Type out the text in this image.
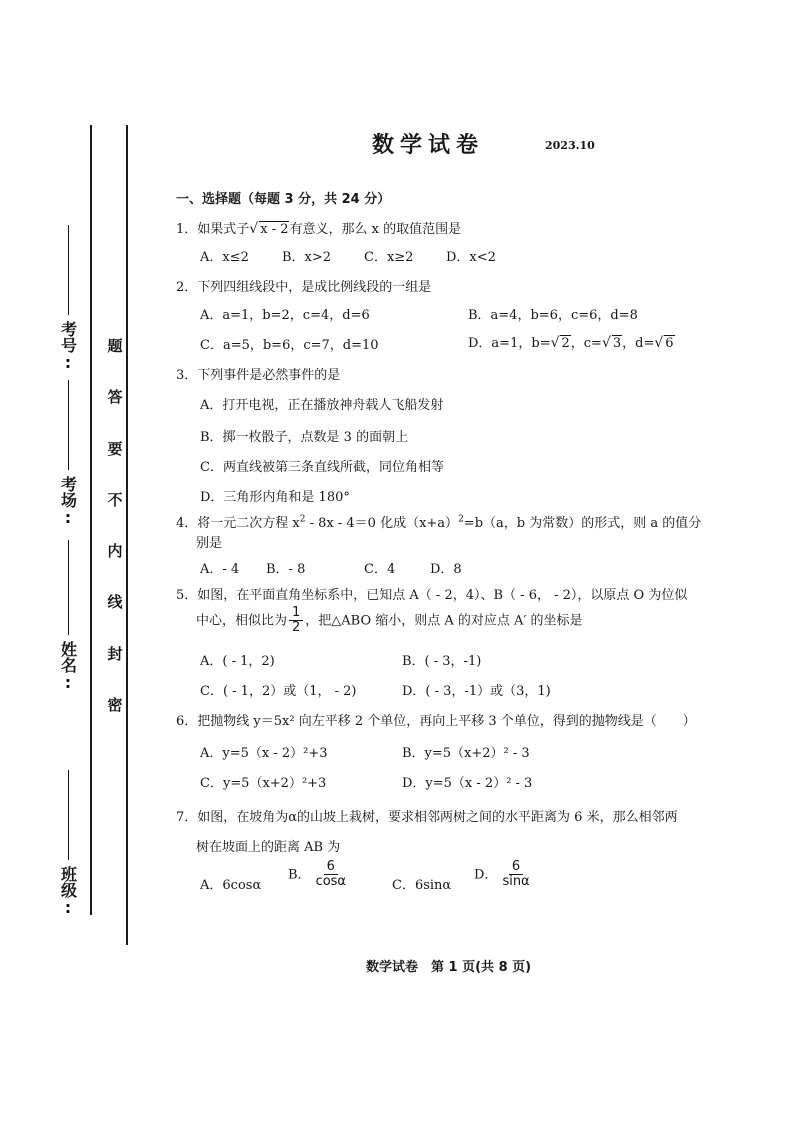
考号:
考场:
姓名:
班级:
题
答
要
不
内
线
封
密
数学试卷	2023.10
一、选择题（每题 3 分，共 24 分）
1．如果式子√ x - 2有意义，那么 x 的取值范围是
A．x≤2	B．x>2	C．x≥2	D．x<2
2．下列四组线段中，是成比例线段的一组是
A．a=1，b=2，c=4，d=6	B．a=4，b=6，c=6，d=8
C．a=5，b=6，c=7，d=10	D．a=1，b=√ 2，c=√ 3，d=√ 6
3．下列事件是必然事件的是
A．打开电视，正在播放神舟载人飞船发射
B．掷一枚骰子，点数是 3 的面朝上
C．两直线被第三条直线所截，同位角相等
D．三角形内角和是 180°
4．将一元二次方程 $x^2 - 8x - 4=0$ 化成$(x+a)^2=b(a$，b 为常数）的形式，则 a 的值分
别是
A．- 4 B．- 8	C．4	D．8
5．如图，在平面直角坐标系中，已知点 A（ - 2，4）、B（ - 6， - 2），以原点 O 为位似
中心，相似比为 $\frac{1}{2}$ ，把△ABO 缩小，则点 A 的对应点 A′ 的坐标是
A．( - 1，2)	B．( - 3，-1)
C．( - 1，2）或（1， - 2)	D．( - 3，-1）或（3，1)
6．把抛物线 y＝5x² 向左平移 2 个单位，再向上平移 3 个单位，得到的抛物线是（　　）
A．y=5（x - 2）²+3	B．y=5（x+2）² - 3
C．y=5（x+2）²+3	D．y=5（x - 2）² - 3
7．如图，在坡角为α的山坡上栽树，要求相邻两树之间的水平距离为 6 米，那么相邻两
树在坡面上的距离 AB 为
A．6cosα
B． $\frac{6}{\cos\alpha}$	C．6sinα
D． $\frac{6}{\sin\alpha}$
数学试卷　第 1 页(共 8 页)
